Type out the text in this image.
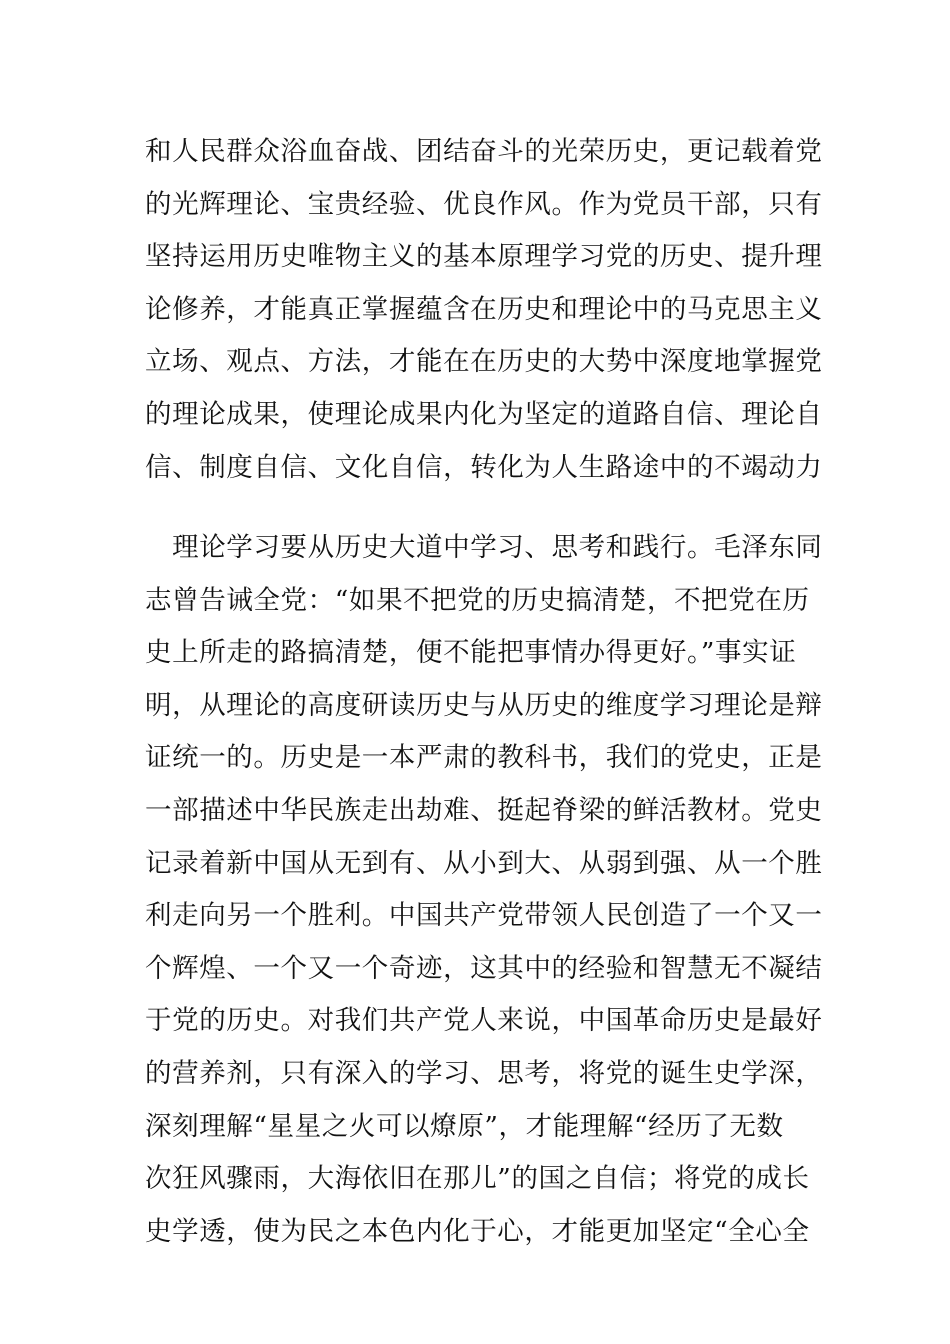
和人民群众浴血奋战、团结奋斗的光荣历史，更记载着党
的光辉理论、宝贵经验、优良作风。作为党员干部，只有
坚持运用历史唯物主义的基本原理学习党的历史、提升理
论修养，才能真正掌握蕴含在历史和理论中的马克思主义
立场、观点、方法，才能在在历史的大势中深度地掌握党
的理论成果，使理论成果内化为坚定的道路自信、理论自
信、制度自信、文化自信，转化为人生路途中的不竭动力
　理论学习要从历史大道中学习、思考和践行。毛泽东同
志曾告诫全党：“如果不把党的历史搞清楚，不把党在历
史上所走的路搞清楚，便不能把事情办得更好。”事实证
明，从理论的高度研读历史与从历史的维度学习理论是辩
证统一的。历史是一本严肃的教科书，我们的党史，正是
一部描述中华民族走出劫难、挺起脊梁的鲜活教材。党史
记录着新中国从无到有、从小到大、从弱到强、从一个胜
利走向另一个胜利。中国共产党带领人民创造了一个又一
个辉煌、一个又一个奇迹，这其中的经验和智慧无不凝结
于党的历史。对我们共产党人来说，中国革命历史是最好
的营养剂，只有深入的学习、思考，将党的诞生史学深，
深刻理解“星星之火可以燎原”，才能理解“经历了无数
次狂风骤雨，大海依旧在那儿”的国之自信；将党的成长
史学透，使为民之本色内化于心，才能更加坚定“全心全
